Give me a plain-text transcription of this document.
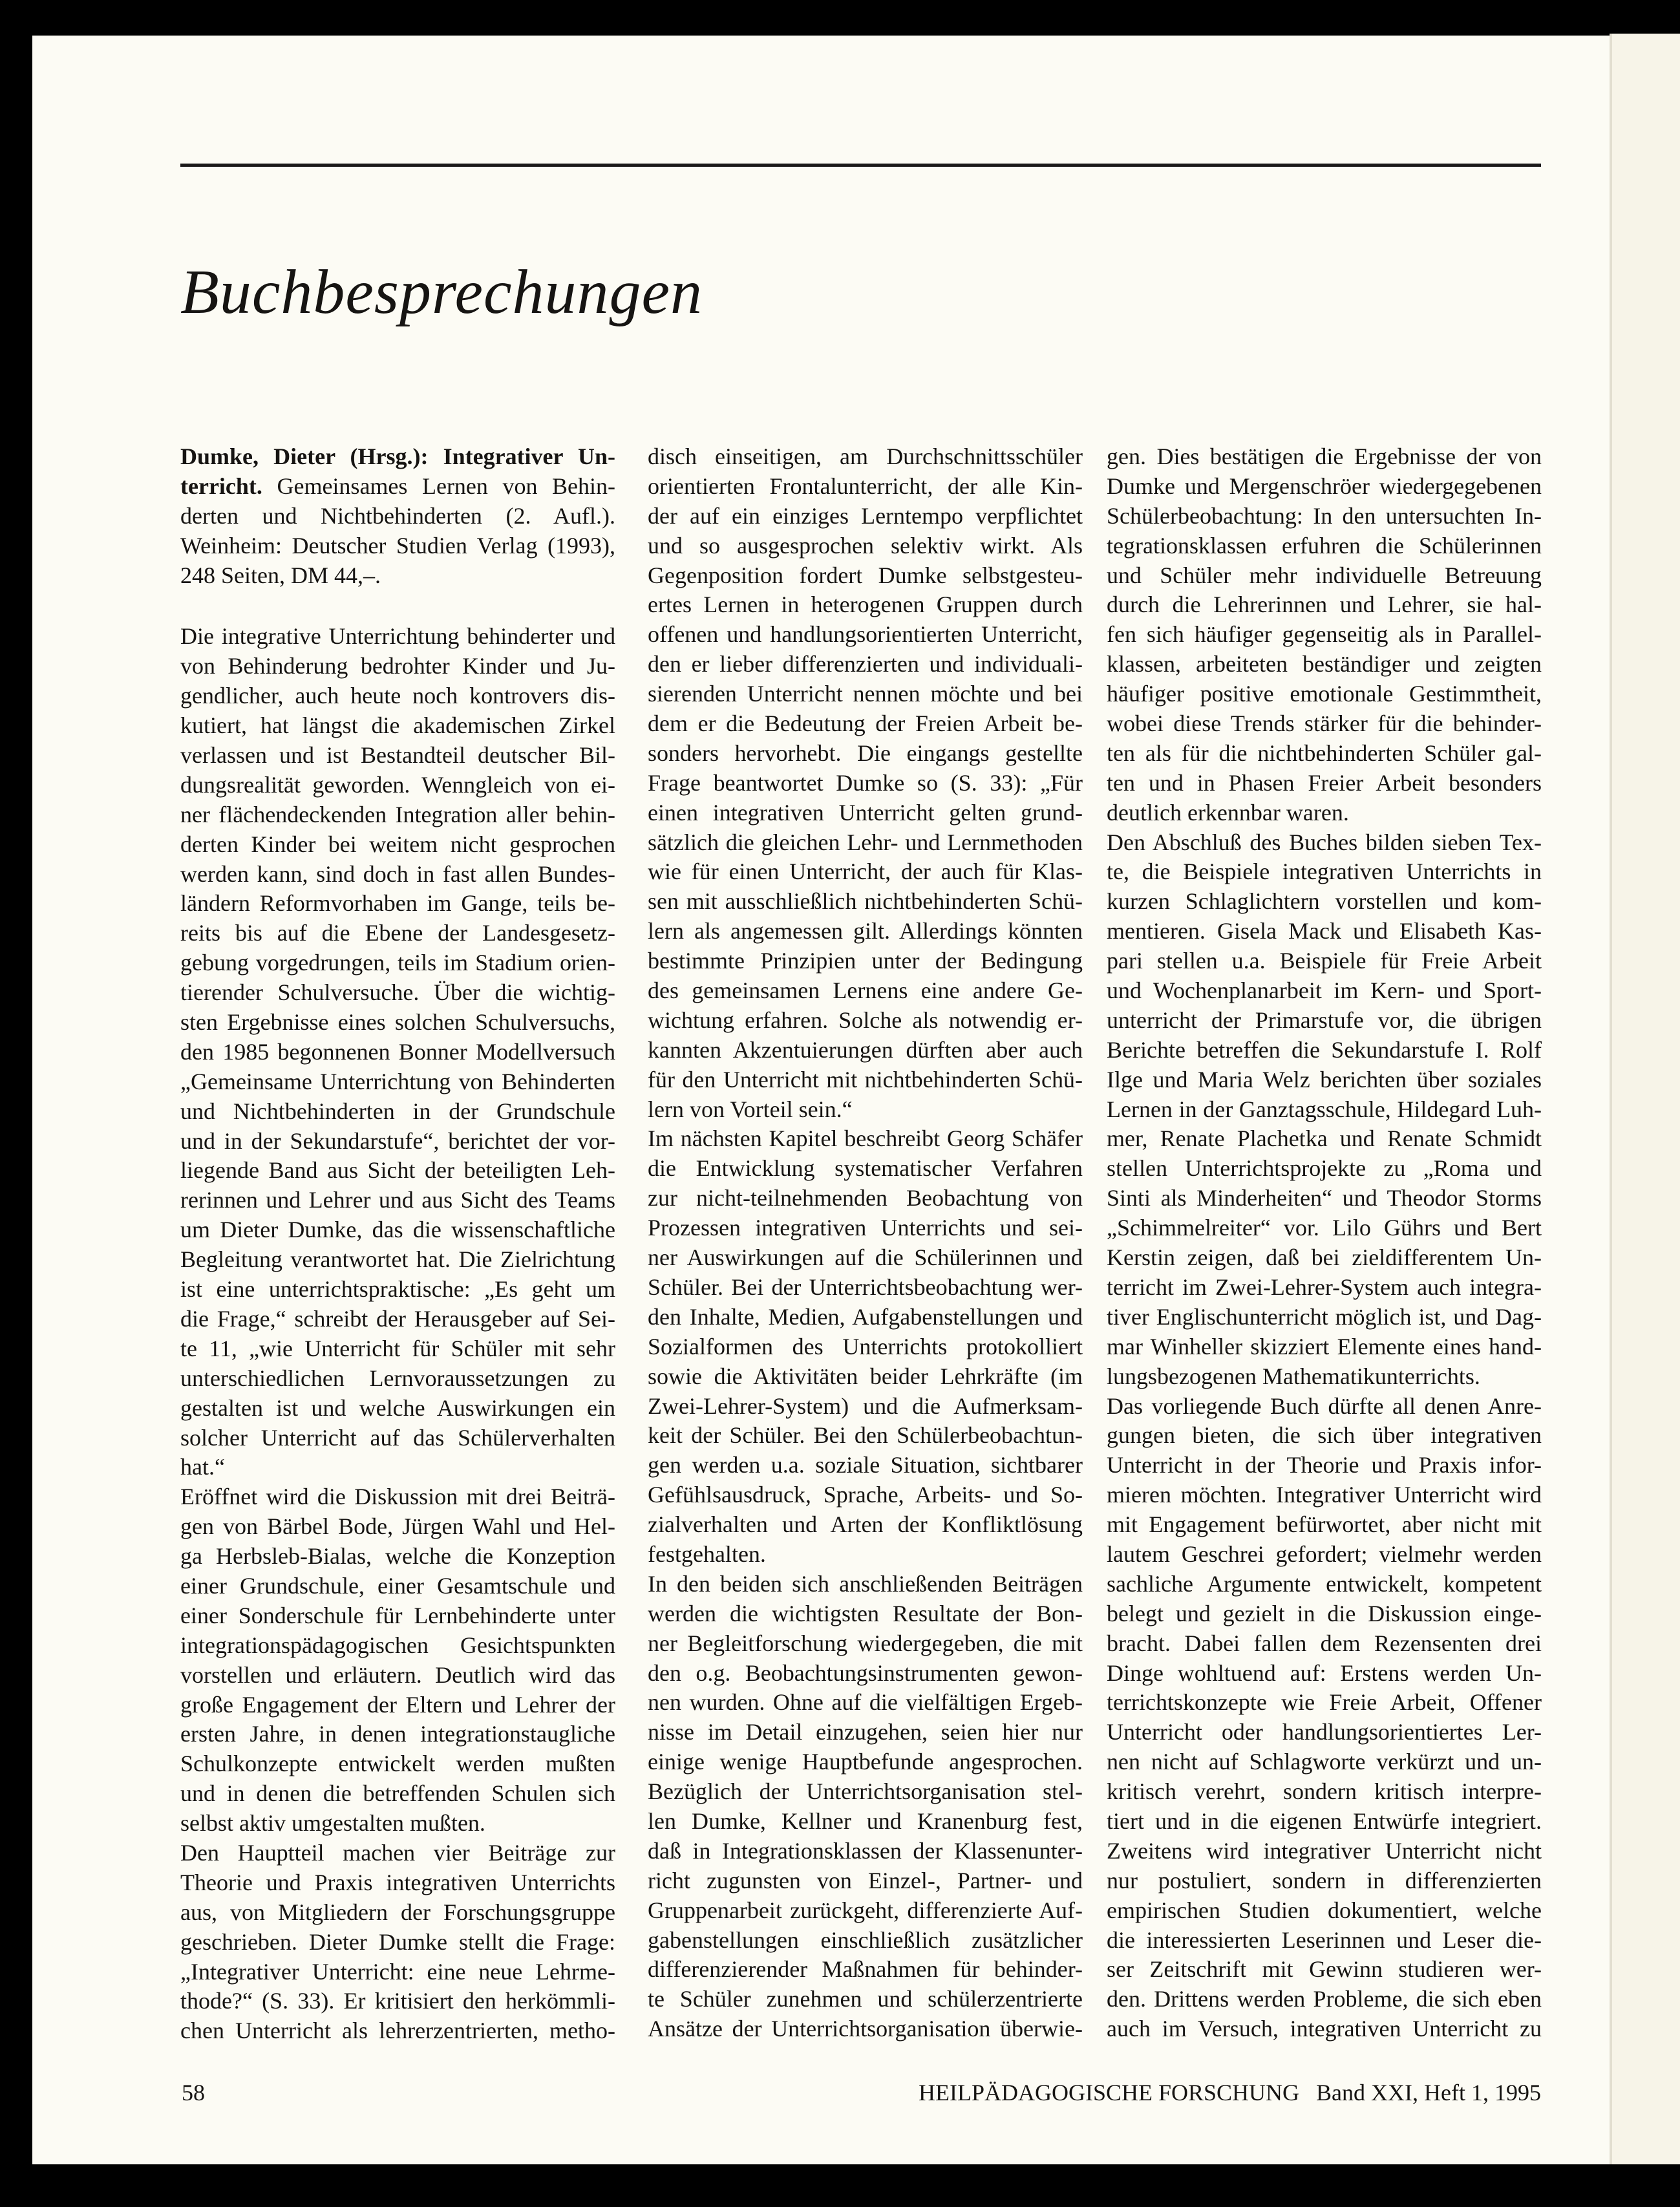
Buchbesprechungen
Dumke, Dieter (Hrsg.): Integrativer Un-
terricht. Gemeinsames Lernen von Behin-
derten und Nichtbehinderten (2. Aufl.).
Weinheim: Deutscher Studien Verlag (1993),
248 Seiten, DM 44,–.
Die integrative Unterrichtung behinderter und
von Behinderung bedrohter Kinder und Ju-
gendlicher, auch heute noch kontrovers dis-
kutiert, hat längst die akademischen Zirkel
verlassen und ist Bestandteil deutscher Bil-
dungsrealität geworden. Wenngleich von ei-
ner flächendeckenden Integration aller behin-
derten Kinder bei weitem nicht gesprochen
werden kann, sind doch in fast allen Bundes-
ländern Reformvorhaben im Gange, teils be-
reits bis auf die Ebene der Landesgesetz-
gebung vorgedrungen, teils im Stadium orien-
tierender Schulversuche. Über die wichtig-
sten Ergebnisse eines solchen Schulversuchs,
den 1985 begonnenen Bonner Modellversuch
„Gemeinsame Unterrichtung von Behinderten
und Nichtbehinderten in der Grundschule
und in der Sekundarstufe“, berichtet der vor-
liegende Band aus Sicht der beteiligten Leh-
rerinnen und Lehrer und aus Sicht des Teams
um Dieter Dumke, das die wissenschaftliche
Begleitung verantwortet hat. Die Zielrichtung
ist eine unterrichtspraktische: „Es geht um
die Frage,“ schreibt der Herausgeber auf Sei-
te 11, „wie Unterricht für Schüler mit sehr
unterschiedlichen Lernvoraussetzungen zu
gestalten ist und welche Auswirkungen ein
solcher Unterricht auf das Schülerverhalten
hat.“
Eröffnet wird die Diskussion mit drei Beiträ-
gen von Bärbel Bode, Jürgen Wahl und Hel-
ga Herbsleb-Bialas, welche die Konzeption
einer Grundschule, einer Gesamtschule und
einer Sonderschule für Lernbehinderte unter
integrationspädagogischen Gesichtspunkten
vorstellen und erläutern. Deutlich wird das
große Engagement der Eltern und Lehrer der
ersten Jahre, in denen integrationstaugliche
Schulkonzepte entwickelt werden mußten
und in denen die betreffenden Schulen sich
selbst aktiv umgestalten mußten.
Den Hauptteil machen vier Beiträge zur
Theorie und Praxis integrativen Unterrichts
aus, von Mitgliedern der Forschungsgruppe
geschrieben. Dieter Dumke stellt die Frage:
„Integrativer Unterricht: eine neue Lehrme-
thode?“ (S. 33). Er kritisiert den herkömmli-
chen Unterricht als lehrerzentrierten, metho-
disch einseitigen, am Durchschnittsschüler
orientierten Frontalunterricht, der alle Kin-
der auf ein einziges Lerntempo verpflichtet
und so ausgesprochen selektiv wirkt. Als
Gegenposition fordert Dumke selbstgesteu-
ertes Lernen in heterogenen Gruppen durch
offenen und handlungsorientierten Unterricht,
den er lieber differenzierten und individuali-
sierenden Unterricht nennen möchte und bei
dem er die Bedeutung der Freien Arbeit be-
sonders hervorhebt. Die eingangs gestellte
Frage beantwortet Dumke so (S. 33): „Für
einen integrativen Unterricht gelten grund-
sätzlich die gleichen Lehr- und Lernmethoden
wie für einen Unterricht, der auch für Klas-
sen mit ausschließlich nichtbehinderten Schü-
lern als angemessen gilt. Allerdings könnten
bestimmte Prinzipien unter der Bedingung
des gemeinsamen Lernens eine andere Ge-
wichtung erfahren. Solche als notwendig er-
kannten Akzentuierungen dürften aber auch
für den Unterricht mit nichtbehinderten Schü-
lern von Vorteil sein.“
Im nächsten Kapitel beschreibt Georg Schäfer
die Entwicklung systematischer Verfahren
zur nicht-teilnehmenden Beobachtung von
Prozessen integrativen Unterrichts und sei-
ner Auswirkungen auf die Schülerinnen und
Schüler. Bei der Unterrichtsbeobachtung wer-
den Inhalte, Medien, Aufgabenstellungen und
Sozialformen des Unterrichts protokolliert
sowie die Aktivitäten beider Lehrkräfte (im
Zwei-Lehrer-System) und die Aufmerksam-
keit der Schüler. Bei den Schülerbeobachtun-
gen werden u.a. soziale Situation, sichtbarer
Gefühlsausdruck, Sprache, Arbeits- und So-
zialverhalten und Arten der Konfliktlösung
festgehalten.
In den beiden sich anschließenden Beiträgen
werden die wichtigsten Resultate der Bon-
ner Begleitforschung wiedergegeben, die mit
den o.g. Beobachtungsinstrumenten gewon-
nen wurden. Ohne auf die vielfältigen Ergeb-
nisse im Detail einzugehen, seien hier nur
einige wenige Hauptbefunde angesprochen.
Bezüglich der Unterrichtsorganisation stel-
len Dumke, Kellner und Kranenburg fest,
daß in Integrationsklassen der Klassenunter-
richt zugunsten von Einzel-, Partner- und
Gruppenarbeit zurückgeht, differenzierte Auf-
gabenstellungen einschließlich zusätzlicher
differenzierender Maßnahmen für behinder-
te Schüler zunehmen und schülerzentrierte
Ansätze der Unterrichtsorganisation überwie-
gen. Dies bestätigen die Ergebnisse der von
Dumke und Mergenschröer wiedergegebenen
Schülerbeobachtung: In den untersuchten In-
tegrationsklassen erfuhren die Schülerinnen
und Schüler mehr individuelle Betreuung
durch die Lehrerinnen und Lehrer, sie hal-
fen sich häufiger gegenseitig als in Parallel-
klassen, arbeiteten beständiger und zeigten
häufiger positive emotionale Gestimmtheit,
wobei diese Trends stärker für die behinder-
ten als für die nichtbehinderten Schüler gal-
ten und in Phasen Freier Arbeit besonders
deutlich erkennbar waren.
Den Abschluß des Buches bilden sieben Tex-
te, die Beispiele integrativen Unterrichts in
kurzen Schlaglichtern vorstellen und kom-
mentieren. Gisela Mack und Elisabeth Kas-
pari stellen u.a. Beispiele für Freie Arbeit
und Wochenplanarbeit im Kern- und Sport-
unterricht der Primarstufe vor, die übrigen
Berichte betreffen die Sekundarstufe I. Rolf
Ilge und Maria Welz berichten über soziales
Lernen in der Ganztagsschule, Hildegard Luh-
mer, Renate Plachetka und Renate Schmidt
stellen Unterrichtsprojekte zu „Roma und
Sinti als Minderheiten“ und Theodor Storms
„Schimmelreiter“ vor. Lilo Gührs und Bert
Kerstin zeigen, daß bei zieldifferentem Un-
terricht im Zwei-Lehrer-System auch integra-
tiver Englischunterricht möglich ist, und Dag-
mar Winheller skizziert Elemente eines hand-
lungsbezogenen Mathematikunterrichts.
Das vorliegende Buch dürfte all denen Anre-
gungen bieten, die sich über integrativen
Unterricht in der Theorie und Praxis infor-
mieren möchten. Integrativer Unterricht wird
mit Engagement befürwortet, aber nicht mit
lautem Geschrei gefordert; vielmehr werden
sachliche Argumente entwickelt, kompetent
belegt und gezielt in die Diskussion einge-
bracht. Dabei fallen dem Rezensenten drei
Dinge wohltuend auf: Erstens werden Un-
terrichtskonzepte wie Freie Arbeit, Offener
Unterricht oder handlungsorientiertes Ler-
nen nicht auf Schlagworte verkürzt und un-
kritisch verehrt, sondern kritisch interpre-
tiert und in die eigenen Entwürfe integriert.
Zweitens wird integrativer Unterricht nicht
nur postuliert, sondern in differenzierten
empirischen Studien dokumentiert, welche
die interessierten Leserinnen und Leser die-
ser Zeitschrift mit Gewinn studieren wer-
den. Drittens werden Probleme, die sich eben
auch im Versuch, integrativen Unterricht zu
58	HEILPÄDAGOGISCHE FORSCHUNG Band XXI, Heft 1, 1995
